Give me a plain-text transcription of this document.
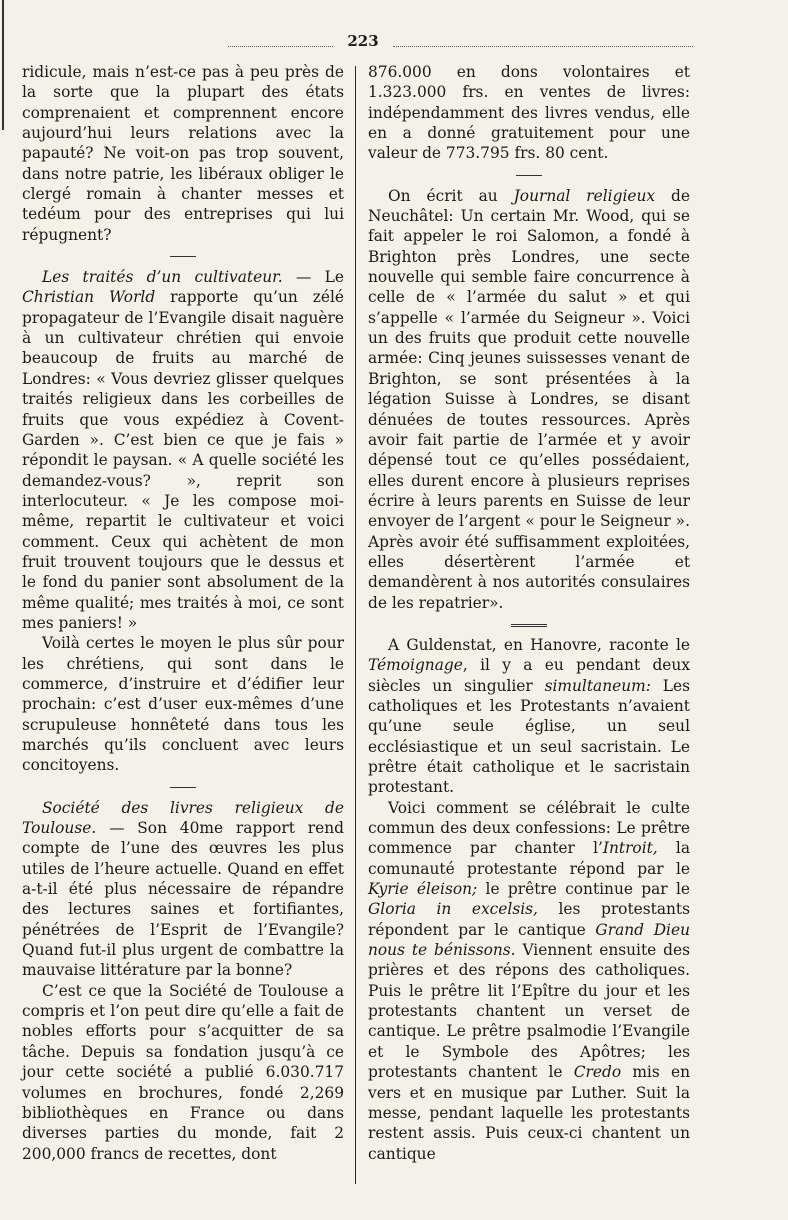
223

ridicule, mais n’est-ce pas à peu près de la sorte que la plupart des états comprenaient et comprennent encore aujourd’hui leurs relations avec la papauté? Ne voit-on pas trop souvent, dans notre patrie, les libéraux obliger le clergé romain à chanter messes et tedéum pour des entreprises qui lui répugnent?

Les traités d’un cultivateur. — Le Christian World rapporte qu’un zélé propagateur de l’Evangile disait naguère à un cultivateur chrétien qui envoie beaucoup de fruits au marché de Londres: « Vous devriez glisser quelques traités religieux dans les corbeilles de fruits que vous expédiez à Covent-Garden ». C’est bien ce que je fais » répondit le paysan. « A quelle société les demandez-vous? », reprit son interlocuteur. « Je les compose moi-même, repartit le cultivateur et voici comment. Ceux qui achètent de mon fruit trouvent toujours que le dessus et le fond du panier sont absolument de la même qualité; mes traités à moi, ce sont mes paniers! »

Voilà certes le moyen le plus sûr pour les chrétiens, qui sont dans le commerce, d’instruire et d’édifier leur prochain: c’est d’user eux-mêmes d’une scrupuleuse honnêteté dans tous les marchés qu’ils concluent avec leurs concitoyens.

Société des livres religieux de Toulouse. — Son 40me rapport rend compte de l’une des œuvres les plus utiles de l’heure actuelle. Quand en effet a-t-il été plus nécessaire de répandre des lectures saines et fortifiantes, pénétrées de l’Esprit de l’Evangile? Quand fut-il plus urgent de combattre la mauvaise littérature par la bonne?

C’est ce que la Société de Toulouse a compris et l’on peut dire qu’elle a fait de nobles efforts pour s’acquitter de sa tâche. Depuis sa fondation jusqu’à ce jour cette société a publié 6.030.717 volumes en brochures, fondé 2,269 bibliothèques en France ou dans diverses parties du monde, fait 2 200,000 francs de recettes, dont

876.000 en dons volontaires et 1.323.000 frs. en ventes de livres: indépendamment des livres vendus, elle en a donné gratuitement pour une valeur de 773.795 frs. 80 cent.

On écrit au Journal religieux de Neuchâtel: Un certain Mr. Wood, qui se fait appeler le roi Salomon, a fondé à Brighton près Londres, une secte nouvelle qui semble faire concurrence à celle de « l’armée du salut » et qui s’appelle « l’armée du Seigneur ». Voici un des fruits que produit cette nouvelle armée: Cinq jeunes suissesses venant de Brighton, se sont présentées à la légation Suisse à Londres, se disant dénuées de toutes ressources. Après avoir fait partie de l’armée et y avoir dépensé tout ce qu’elles possédaient, elles durent encore à plusieurs reprises écrire à leurs parents en Suisse de leur envoyer de l’argent « pour le Seigneur ». Après avoir été suffisamment exploitées, elles désertèrent l’armée et demandèrent à nos autorités consulaires de les repatrier».

A Guldenstat, en Hanovre, raconte le Témoignage, il y a eu pendant deux siècles un singulier simultaneum: Les catholiques et les Protestants n’avaient qu’une seule église, un seul ecclésiastique et un seul sacristain. Le prêtre était catholique et le sacristain protestant.

Voici comment se célébrait le culte commun des deux confessions: Le prêtre commence par chanter l’Introit, la comunauté protestante répond par le Kyrie éleison; le prêtre continue par le Gloria in excelsis, les protestants répondent par le cantique Grand Dieu nous te bénissons. Viennent ensuite des prières et des répons des catholiques. Puis le prêtre lit l’Epître du jour et les protestants chantent un verset de cantique. Le prêtre psalmodie l’Evangile et le Symbole des Apôtres; les protestants chantent le Credo mis en vers et en musique par Luther. Suit la messe, pendant laquelle les protestants restent assis. Puis ceux-ci chantent un cantique
